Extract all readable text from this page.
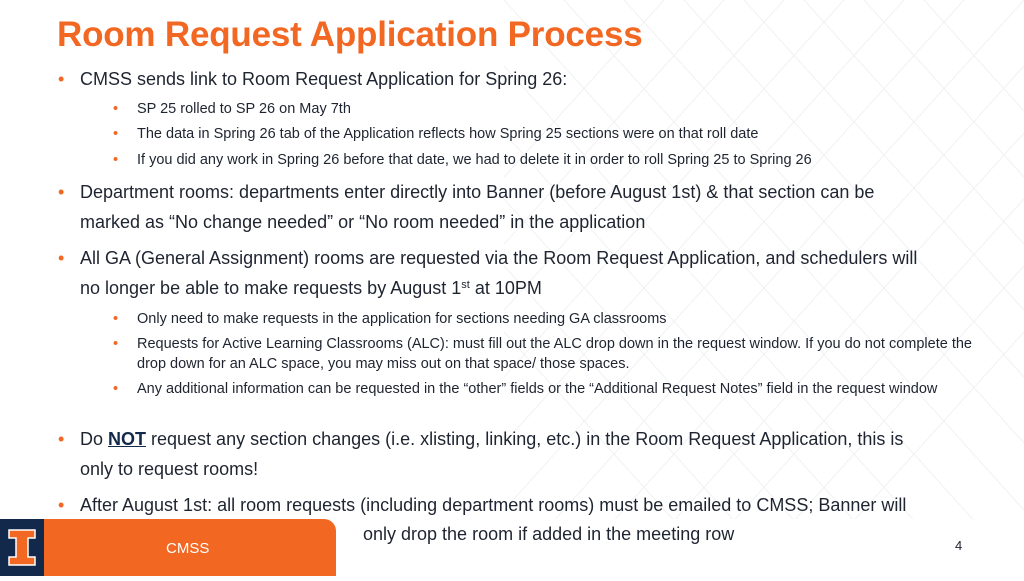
Room Request Application Process
• CMSS sends link to Room Request Application for Spring 26:
•	SP 25 rolled to SP 26 on May 7th
•	The data in Spring 26 tab of the Application reflects how Spring 25 sections were on that roll date
•	If you did any work in Spring 26 before that date, we had to delete it in order to roll Spring 25 to Spring 26
• Department rooms: departments enter directly into Banner (before August 1st) & that section can be
marked as “No change needed” or “No room needed” in the application
• All GA (General Assignment) rooms are requested via the Room Request Application, and schedulers will
no longer be able to make requests by August 1st at 10PM
•	Only need to make requests in the application for sections needing GA classrooms
•	Requests for Active Learning Classrooms (ALC): must fill out the ALC drop down in the request window. If you do not complete the drop down for an ALC space, you may miss out on that space/ those spaces.
•	Any additional information can be requested in the “other” fields or the “Additional Request Notes” field in the request window
• Do NOT request any section changes (i.e. xlisting, linking, etc.) in the Room Request Application, this is
only to request rooms!
• After August 1st: all room requests (including department rooms) must be emailed to CMSS; Banner will
CMSS
only drop the room if added in the meeting row
4
